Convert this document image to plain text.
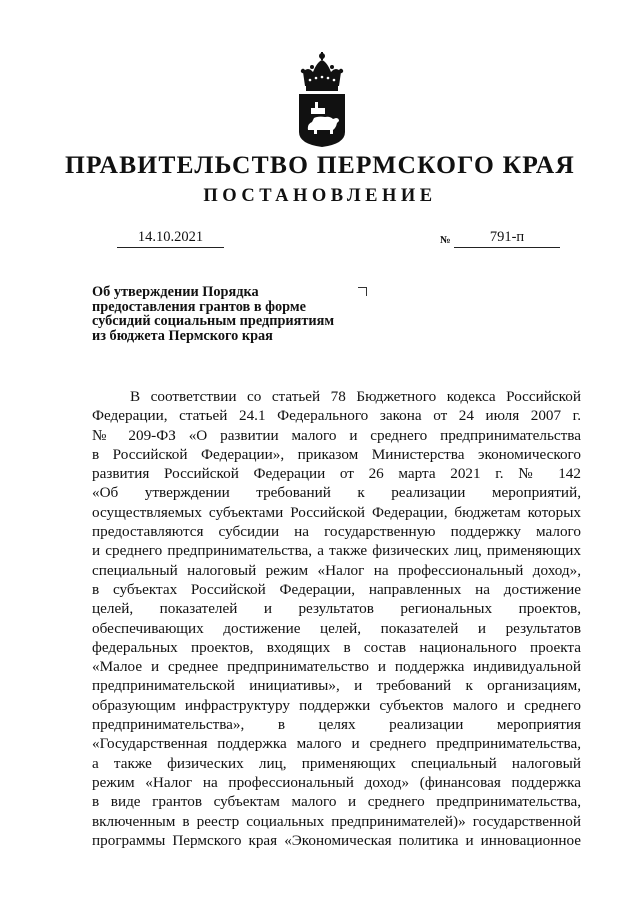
ПРАВИТЕЛЬСТВО ПЕРМСКОГО КРАЯ
ПОСТАНОВЛЕНИЕ
14.10.2021	№	791-п
Об утверждении Порядка
предоставления грантов в форме
субсидий социальным предприятиям
из бюджета Пермского края
В соответствии со статьей 78 Бюджетного кодекса Российской
Федерации, статьей 24.1 Федерального закона от 24 июля 2007 г.
№ 209-ФЗ «О развитии малого и среднего предпринимательства
в Российской Федерации», приказом Министерства экономического
развития Российской Федерации от 26 марта 2021 г. № 142
«Об утверждении требований к реализации мероприятий,
осуществляемых субъектами Российской Федерации, бюджетам которых
предоставляются субсидии на государственную поддержку малого
и среднего предпринимательства, а также физических лиц, применяющих
специальный налоговый режим «Налог на профессиональный доход»,
в субъектах Российской Федерации, направленных на достижение
целей, показателей и результатов региональных проектов,
обеспечивающих достижение целей, показателей и результатов
федеральных проектов, входящих в состав национального проекта
«Малое и среднее предпринимательство и поддержка индивидуальной
предпринимательской инициативы», и требований к организациям,
образующим инфраструктуру поддержки субъектов малого и среднего
предпринимательства», в целях реализации мероприятия
«Государственная поддержка малого и среднего предпринимательства,
а также физических лиц, применяющих специальный налоговый
режим «Налог на профессиональный доход» (финансовая поддержка
в виде грантов субъектам малого и среднего предпринимательства,
включенным в реестр социальных предпринимателей)» государственной
программы Пермского края «Экономическая политика и инновационное
